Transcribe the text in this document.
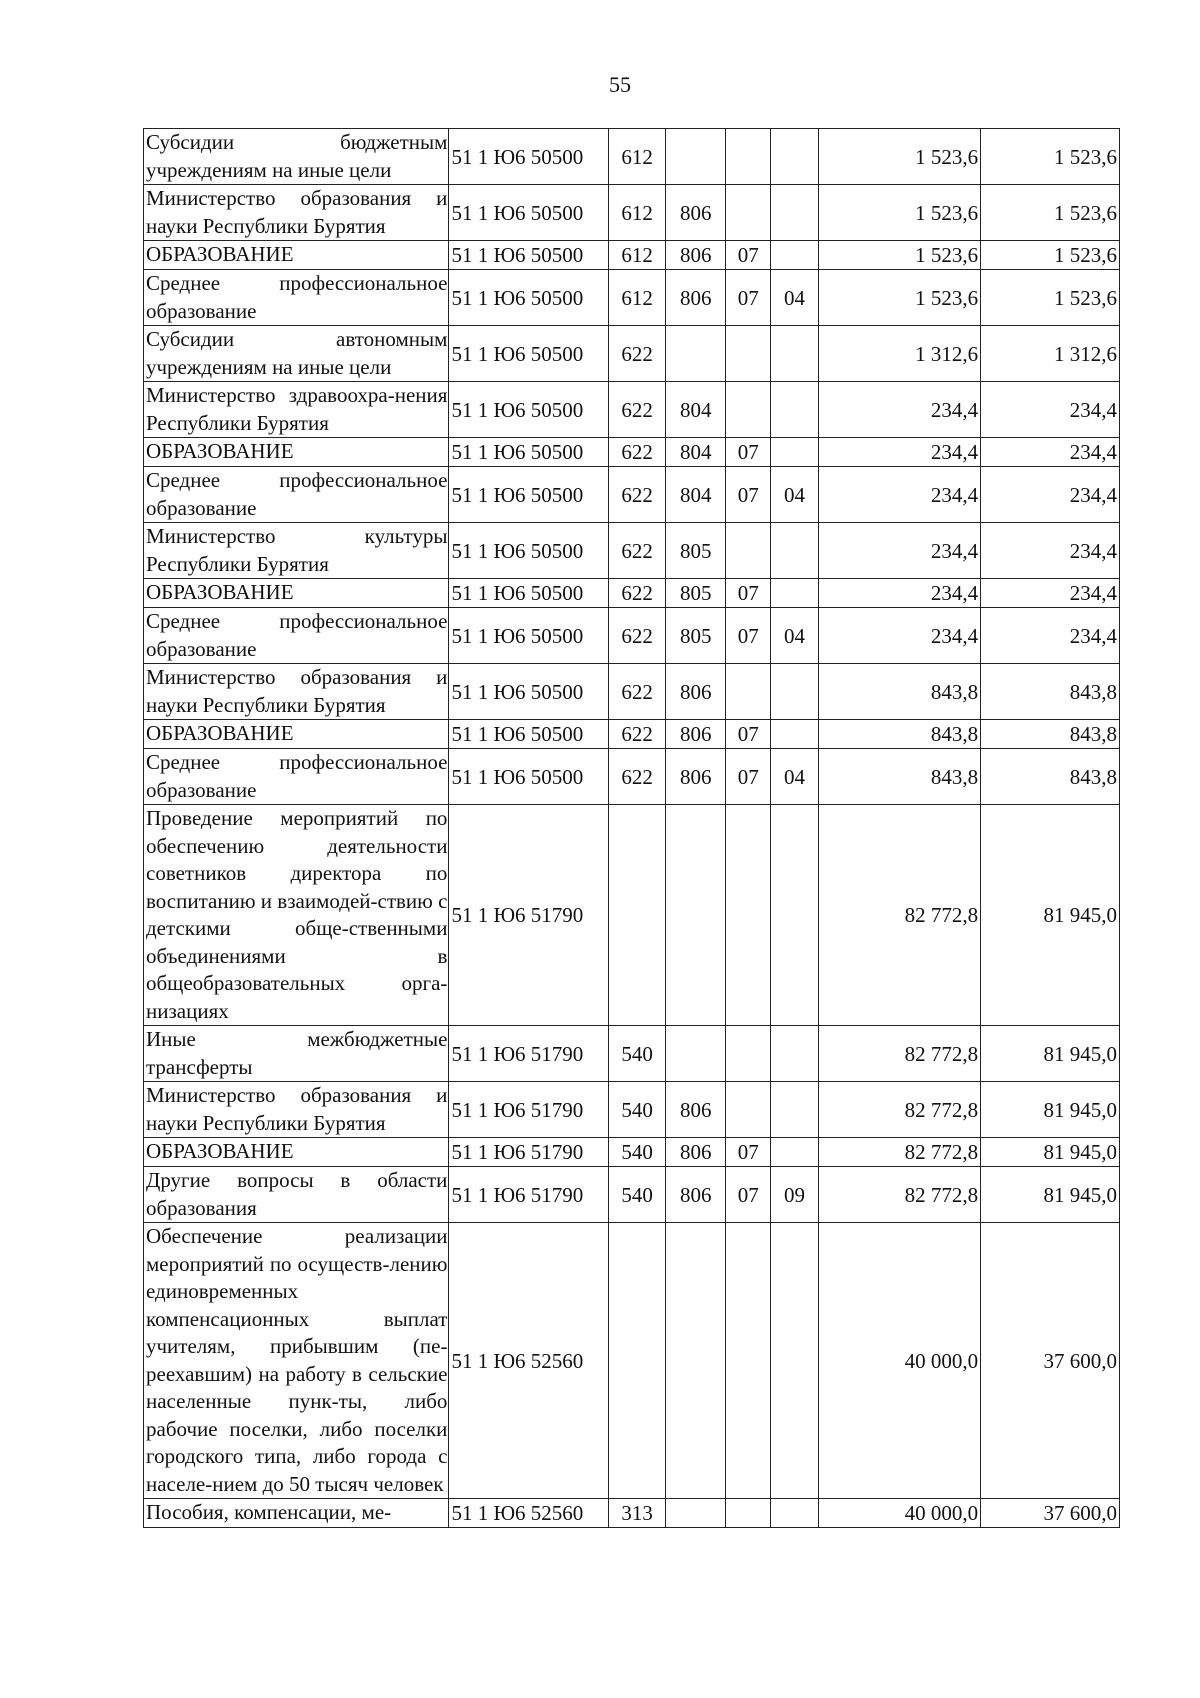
55
Субсидии бюджетным учреждениям на иные цели	51 1 Ю6 50500	612				1 523,6	1 523,6
Министерство образования и науки Республики Бурятия	51 1 Ю6 50500	612	806			1 523,6	1 523,6
ОБРАЗОВАНИЕ	51 1 Ю6 50500	612	806	07		1 523,6	1 523,6
Среднее профессиональное образование	51 1 Ю6 50500	612	806	07	04	1 523,6	1 523,6
Субсидии автономным учреждениям на иные цели	51 1 Ю6 50500	622				1 312,6	1 312,6
Министерство здравоохра-нения Республики Бурятия	51 1 Ю6 50500	622	804			234,4	234,4
ОБРАЗОВАНИЕ	51 1 Ю6 50500	622	804	07		234,4	234,4
Среднее профессиональное образование	51 1 Ю6 50500	622	804	07	04	234,4	234,4
Министерство культуры Республики Бурятия	51 1 Ю6 50500	622	805			234,4	234,4
ОБРАЗОВАНИЕ	51 1 Ю6 50500	622	805	07		234,4	234,4
Среднее профессиональное образование	51 1 Ю6 50500	622	805	07	04	234,4	234,4
Министерство образования и науки Республики Бурятия	51 1 Ю6 50500	622	806			843,8	843,8
ОБРАЗОВАНИЕ	51 1 Ю6 50500	622	806	07		843,8	843,8
Среднее профессиональное образование	51 1 Ю6 50500	622	806	07	04	843,8	843,8
Проведение мероприятий по обеспечению деятельности советников директора по воспитанию и взаимодей-ствию с детскими обще-ственными объединениями в общеобразовательных орга-низациях	51 1 Ю6 51790					82 772,8	81 945,0
Иные межбюджетные трансферты	51 1 Ю6 51790	540				82 772,8	81 945,0
Министерство образования и науки Республики Бурятия	51 1 Ю6 51790	540	806			82 772,8	81 945,0
ОБРАЗОВАНИЕ	51 1 Ю6 51790	540	806	07		82 772,8	81 945,0
Другие вопросы в области образования	51 1 Ю6 51790	540	806	07	09	82 772,8	81 945,0
Обеспечение реализации мероприятий по осуществ-лению единовременных компенсационных выплат учителям, прибывшим (пе-реехавшим) на работу в сельские населенные пунк-ты, либо рабочие поселки, либо поселки городского типа, либо города с населе-нием до 50 тысяч человек	51 1 Ю6 52560					40 000,0	37 600,0
Пособия, компенсации, ме-	51 1 Ю6 52560	313				40 000,0	37 600,0
